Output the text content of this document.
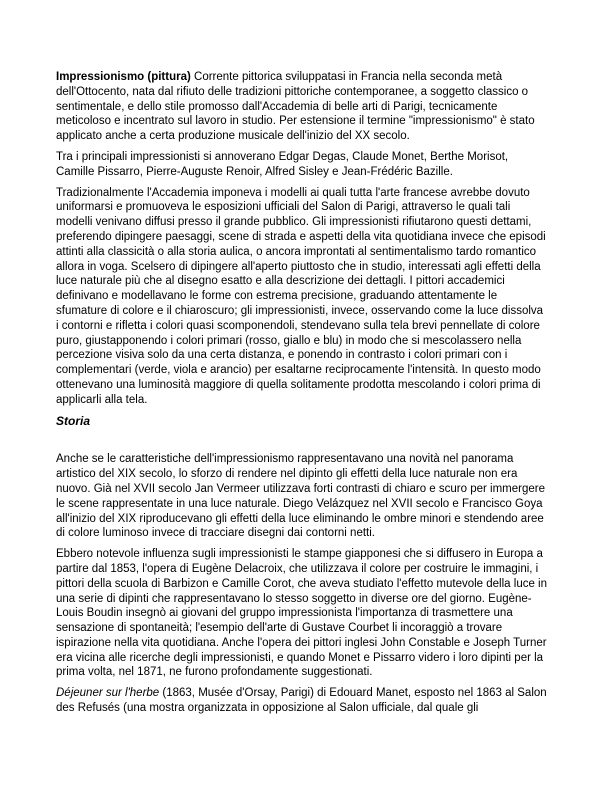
Impressionismo (pittura) Corrente pittorica sviluppatasi in Francia nella seconda metà dell'Ottocento, nata dal rifiuto delle tradizioni pittoriche contemporanee, a soggetto classico o sentimentale, e dello stile promosso dall'Accademia di belle arti di Parigi, tecnicamente meticoloso e incentrato sul lavoro in studio. Per estensione il termine "impressionismo" è stato applicato anche a certa produzione musicale dell'inizio del XX secolo.

Tra i principali impressionisti si annoverano Edgar Degas, Claude Monet, Berthe Morisot, Camille Pissarro, Pierre-Auguste Renoir, Alfred Sisley e Jean-Frédéric Bazille.

Tradizionalmente l'Accademia imponeva i modelli ai quali tutta l'arte francese avrebbe dovuto uniformarsi e promuoveva le esposizioni ufficiali del Salon di Parigi, attraverso le quali tali modelli venivano diffusi presso il grande pubblico. Gli impressionisti rifiutarono questi dettami, preferendo dipingere paesaggi, scene di strada e aspetti della vita quotidiana invece che episodi attinti alla classicità o alla storia aulica, o ancora improntati al sentimentalismo tardo romantico allora in voga. Scelsero di dipingere all'aperto piuttosto che in studio, interessati agli effetti della luce naturale più che al disegno esatto e alla descrizione dei dettagli. I pittori accademici definivano e modellavano le forme con estrema precisione, graduando attentamente le sfumature di colore e il chiaroscuro; gli impressionisti, invece, osservando come la luce dissolva i contorni e rifletta i colori quasi scomponendoli, stendevano sulla tela brevi pennellate di colore puro, giustapponendo i colori primari (rosso, giallo e blu) in modo che si mescolassero nella percezione visiva solo da una certa distanza, e ponendo in contrasto i colori primari con i complementari (verde, viola e arancio) per esaltarne reciprocamente l'intensità. In questo modo ottenevano una luminosità maggiore di quella solitamente prodotta mescolando i colori prima di applicarli alla tela.

Storia

Anche se le caratteristiche dell'impressionismo rappresentavano una novità nel panorama artistico del XIX secolo, lo sforzo di rendere nel dipinto gli effetti della luce naturale non era nuovo. Già nel XVII secolo Jan Vermeer utilizzava forti contrasti di chiaro e scuro per immergere le scene rappresentate in una luce naturale. Diego Velázquez nel XVII secolo e Francisco Goya all'inizio del XIX riproducevano gli effetti della luce eliminando le ombre minori e stendendo aree di colore luminoso invece di tracciare disegni dai contorni netti.

Ebbero notevole influenza sugli impressionisti le stampe giapponesi che si diffusero in Europa a partire dal 1853, l'opera di Eugène Delacroix, che utilizzava il colore per costruire le immagini, i pittori della scuola di Barbizon e Camille Corot, che aveva studiato l'effetto mutevole della luce in una serie di dipinti che rappresentavano lo stesso soggetto in diverse ore del giorno. Eugène-Louis Boudin insegnò ai giovani del gruppo impressionista l'importanza di trasmettere una sensazione di spontaneità; l'esempio dell'arte di Gustave Courbet li incoraggiò a trovare ispirazione nella vita quotidiana. Anche l'opera dei pittori inglesi John Constable e Joseph Turner era vicina alle ricerche degli impressionisti, e quando Monet e Pissarro videro i loro dipinti per la prima volta, nel 1871, ne furono profondamente suggestionati.

Déjeuner sur l'herbe (1863, Musée d'Orsay, Parigi) di Edouard Manet, esposto nel 1863 al Salon des Refusés (una mostra organizzata in opposizione al Salon ufficiale, dal quale gli
